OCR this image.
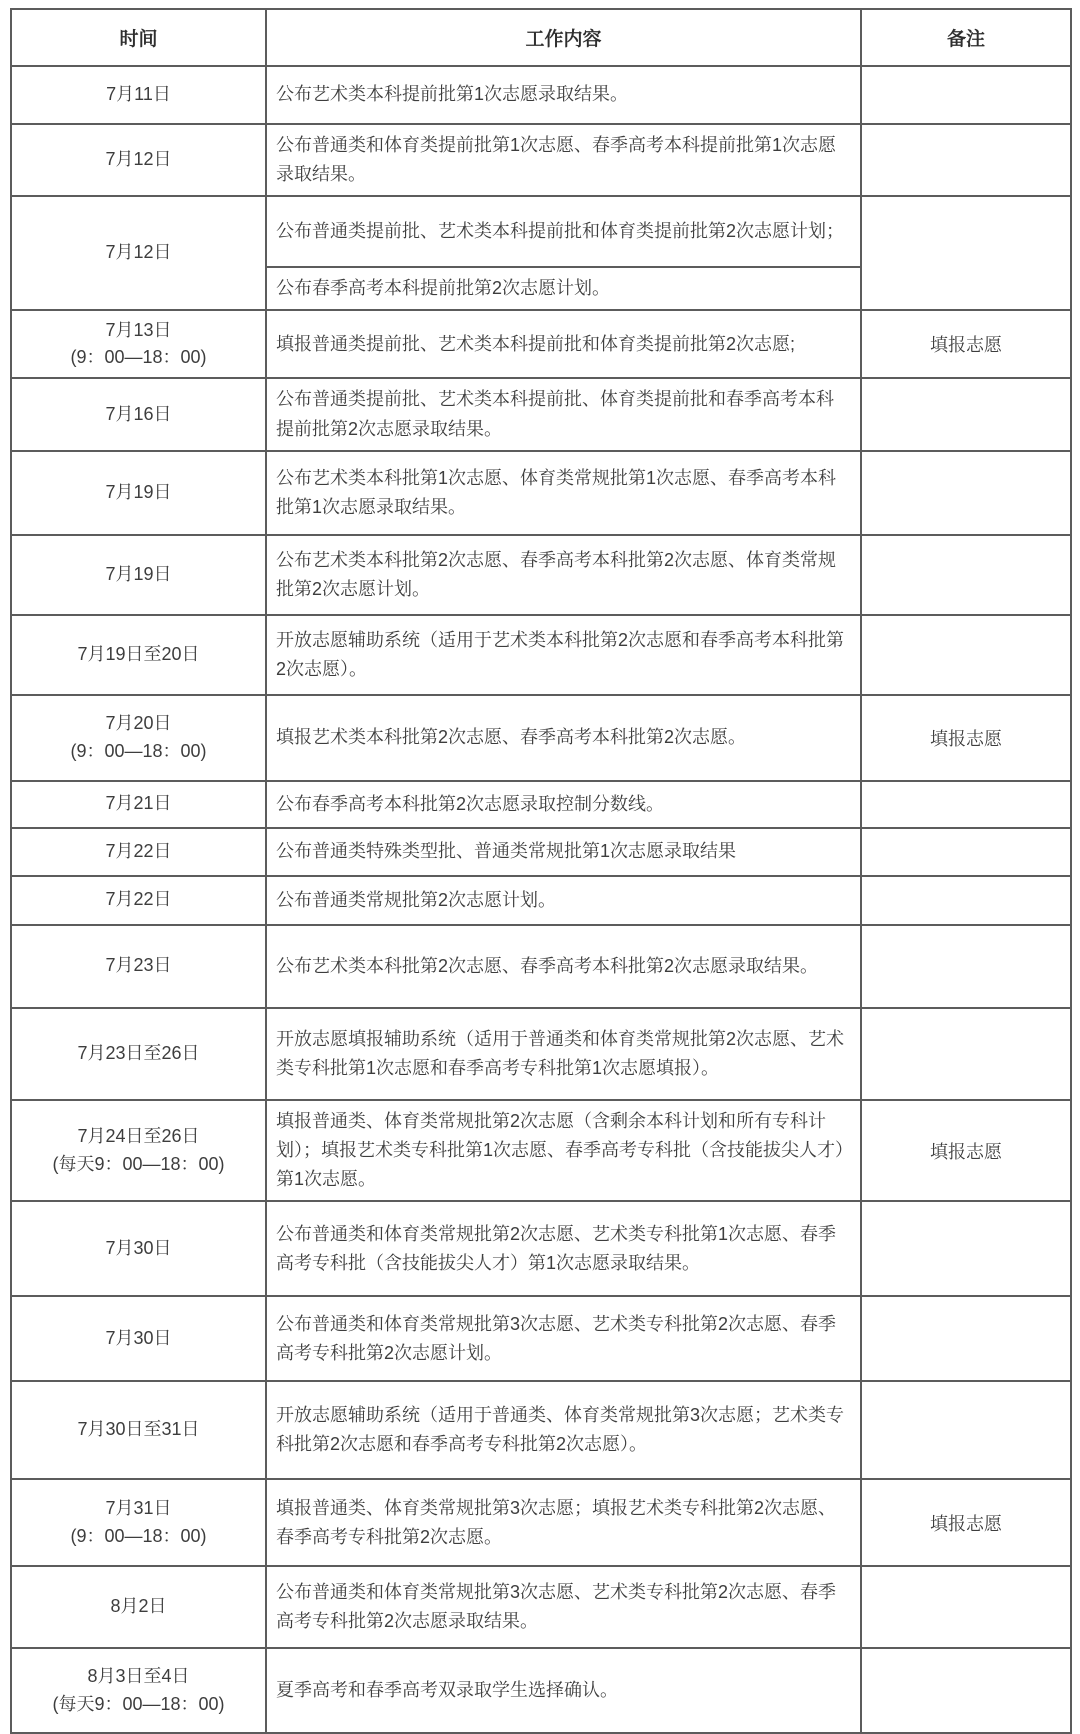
时间	工作内容	备注

7月11日	公布艺术类本科提前批第1次志愿录取结果。	

7月12日	公布普通类和体育类提前批第1次志愿、春季高考本科提前批第1次志愿录取结果。	

7月12日	公布普通类提前批、艺术类本科提前批和体育类提前批第2次志愿计划；	
	公布春季高考本科提前批第2次志愿计划。	

7月13日
(9：00—18：00)	填报普通类提前批、艺术类本科提前批和体育类提前批第2次志愿;	填报志愿

7月16日	公布普通类提前批、艺术类本科提前批、体育类提前批和春季高考本科提前批第2次志愿录取结果。	

7月19日	公布艺术类本科批第1次志愿、体育类常规批第1次志愿、春季高考本科批第1次志愿录取结果。	

7月19日	公布艺术类本科批第2次志愿、春季高考本科批第2次志愿、体育类常规批第2次志愿计划。	

7月19日至20日	开放志愿辅助系统（适用于艺术类本科批第2次志愿和春季高考本科批第2次志愿）。	

7月20日
(9：00—18：00)	填报艺术类本科批第2次志愿、春季高考本科批第2次志愿。	填报志愿

7月21日	公布春季高考本科批第2次志愿录取控制分数线。	

7月22日	公布普通类特殊类型批、普通类常规批第1次志愿录取结果	

7月22日	公布普通类常规批第2次志愿计划。	

7月23日	公布艺术类本科批第2次志愿、春季高考本科批第2次志愿录取结果。	

7月23日至26日	开放志愿填报辅助系统（适用于普通类和体育类常规批第2次志愿、艺术类专科批第1次志愿和春季高考专科批第1次志愿填报）。	

7月24日至26日
(每天9：00—18：00)	填报普通类、体育类常规批第2次志愿（含剩余本科计划和所有专科计划）；填报艺术类专科批第1次志愿、春季高考专科批（含技能拔尖人才）第1次志愿。	填报志愿

7月30日	公布普通类和体育类常规批第2次志愿、艺术类专科批第1次志愿、春季高考专科批（含技能拔尖人才）第1次志愿录取结果。	

7月30日	公布普通类和体育类常规批第3次志愿、艺术类专科批第2次志愿、春季高考专科批第2次志愿计划。	

7月30日至31日	开放志愿辅助系统（适用于普通类、体育类常规批第3次志愿；艺术类专科批第2次志愿和春季高考专科批第2次志愿）。	

7月31日
(9：00—18：00)	填报普通类、体育类常规批第3次志愿；填报艺术类专科批第2次志愿、春季高考专科批第2次志愿。	填报志愿

8月2日	公布普通类和体育类常规批第3次志愿、艺术类专科批第2次志愿、春季高考专科批第2次志愿录取结果。	

8月3日至4日
(每天9：00—18：00)	夏季高考和春季高考双录取学生选择确认。	
